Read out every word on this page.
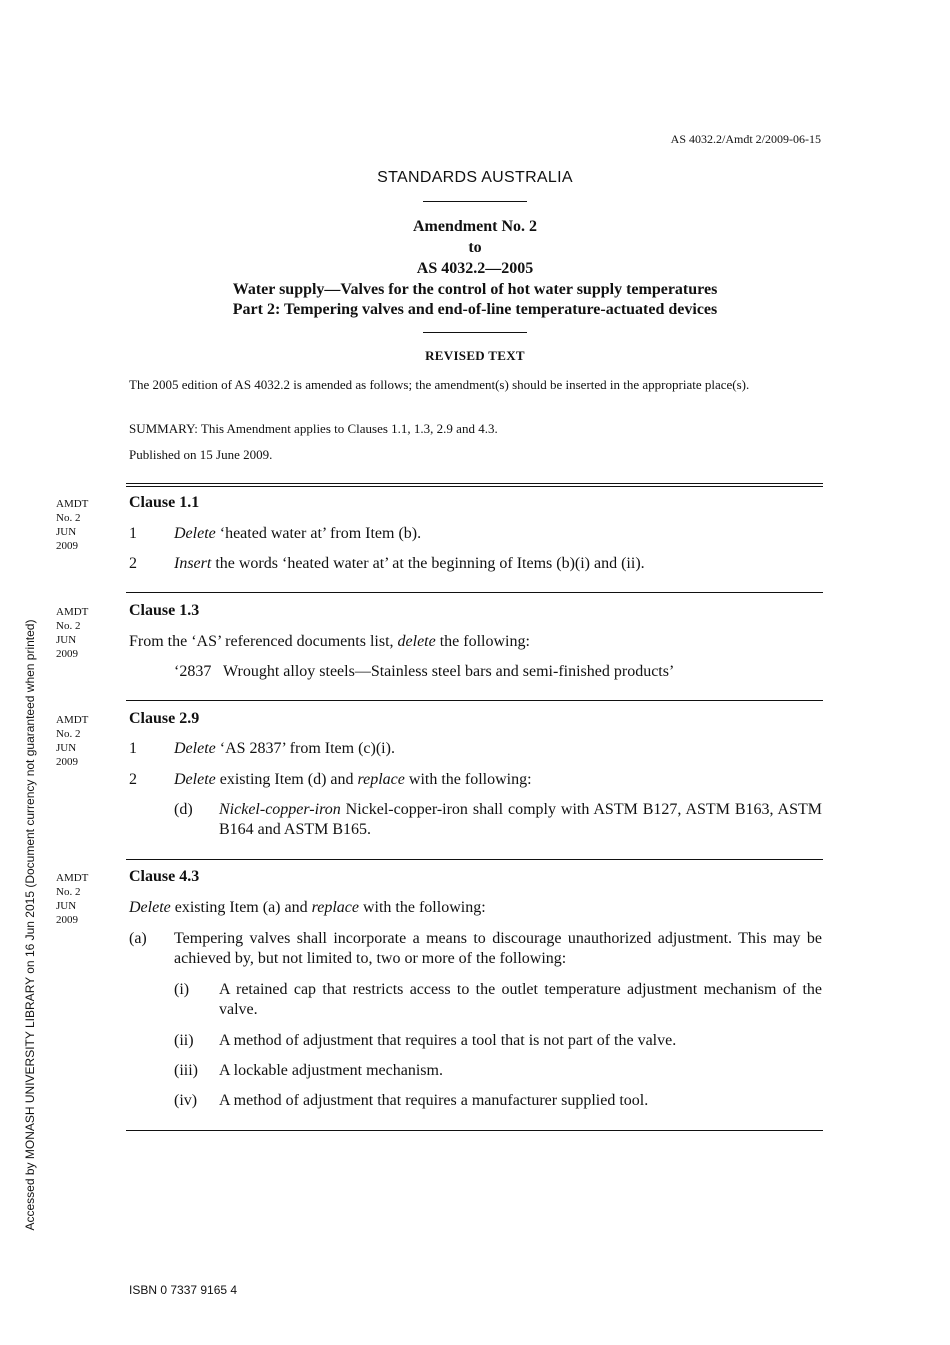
AS 4032.2/Amdt 2/2009-06-15
STANDARDS AUSTRALIA
Amendment No. 2
to
AS 4032.2—2005
Water supply—Valves for the control of hot water supply temperatures
Part 2: Tempering valves and end-of-line temperature-actuated devices
REVISED TEXT
The 2005 edition of AS 4032.2 is amended as follows; the amendment(s) should be inserted in the appropriate place(s).
SUMMARY: This Amendment applies to Clauses 1.1, 1.3, 2.9 and 4.3.
Published on 15 June 2009.
AMDT
No. 2
JUN
2009
Clause 1.1
1 Delete ‘heated water at’ from Item (b).
2 Insert the words ‘heated water at’ at the beginning of Items (b)(i) and (ii).
AMDT
No. 2
JUN
2009
Clause 1.3
From the ‘AS’ referenced documents list, delete the following:
‘2837   Wrought alloy steels—Stainless steel bars and semi-finished products’
AMDT
No. 2
JUN
2009
Clause 2.9
1 Delete ‘AS 2837’ from Item (c)(i).
2 Delete existing Item (d) and replace with the following:
(d) Nickel-copper-iron Nickel-copper-iron shall comply with ASTM B127, ASTM B163, ASTM B164 and ASTM B165.
AMDT
No. 2
JUN
2009
Clause 4.3
Delete existing Item (a) and replace with the following:
(a) Tempering valves shall incorporate a means to discourage unauthorized adjustment. This may be achieved by, but not limited to, two or more of the following:
(i) A retained cap that restricts access to the outlet temperature adjustment mechanism of the valve.
(ii) A method of adjustment that requires a tool that is not part of the valve.
(iii) A lockable adjustment mechanism.
(iv) A method of adjustment that requires a manufacturer supplied tool.
Accessed by MONASH UNIVERSITY LIBRARY on 16 Jun 2015 (Document currency not guaranteed when printed)
ISBN 0 7337 9165 4
